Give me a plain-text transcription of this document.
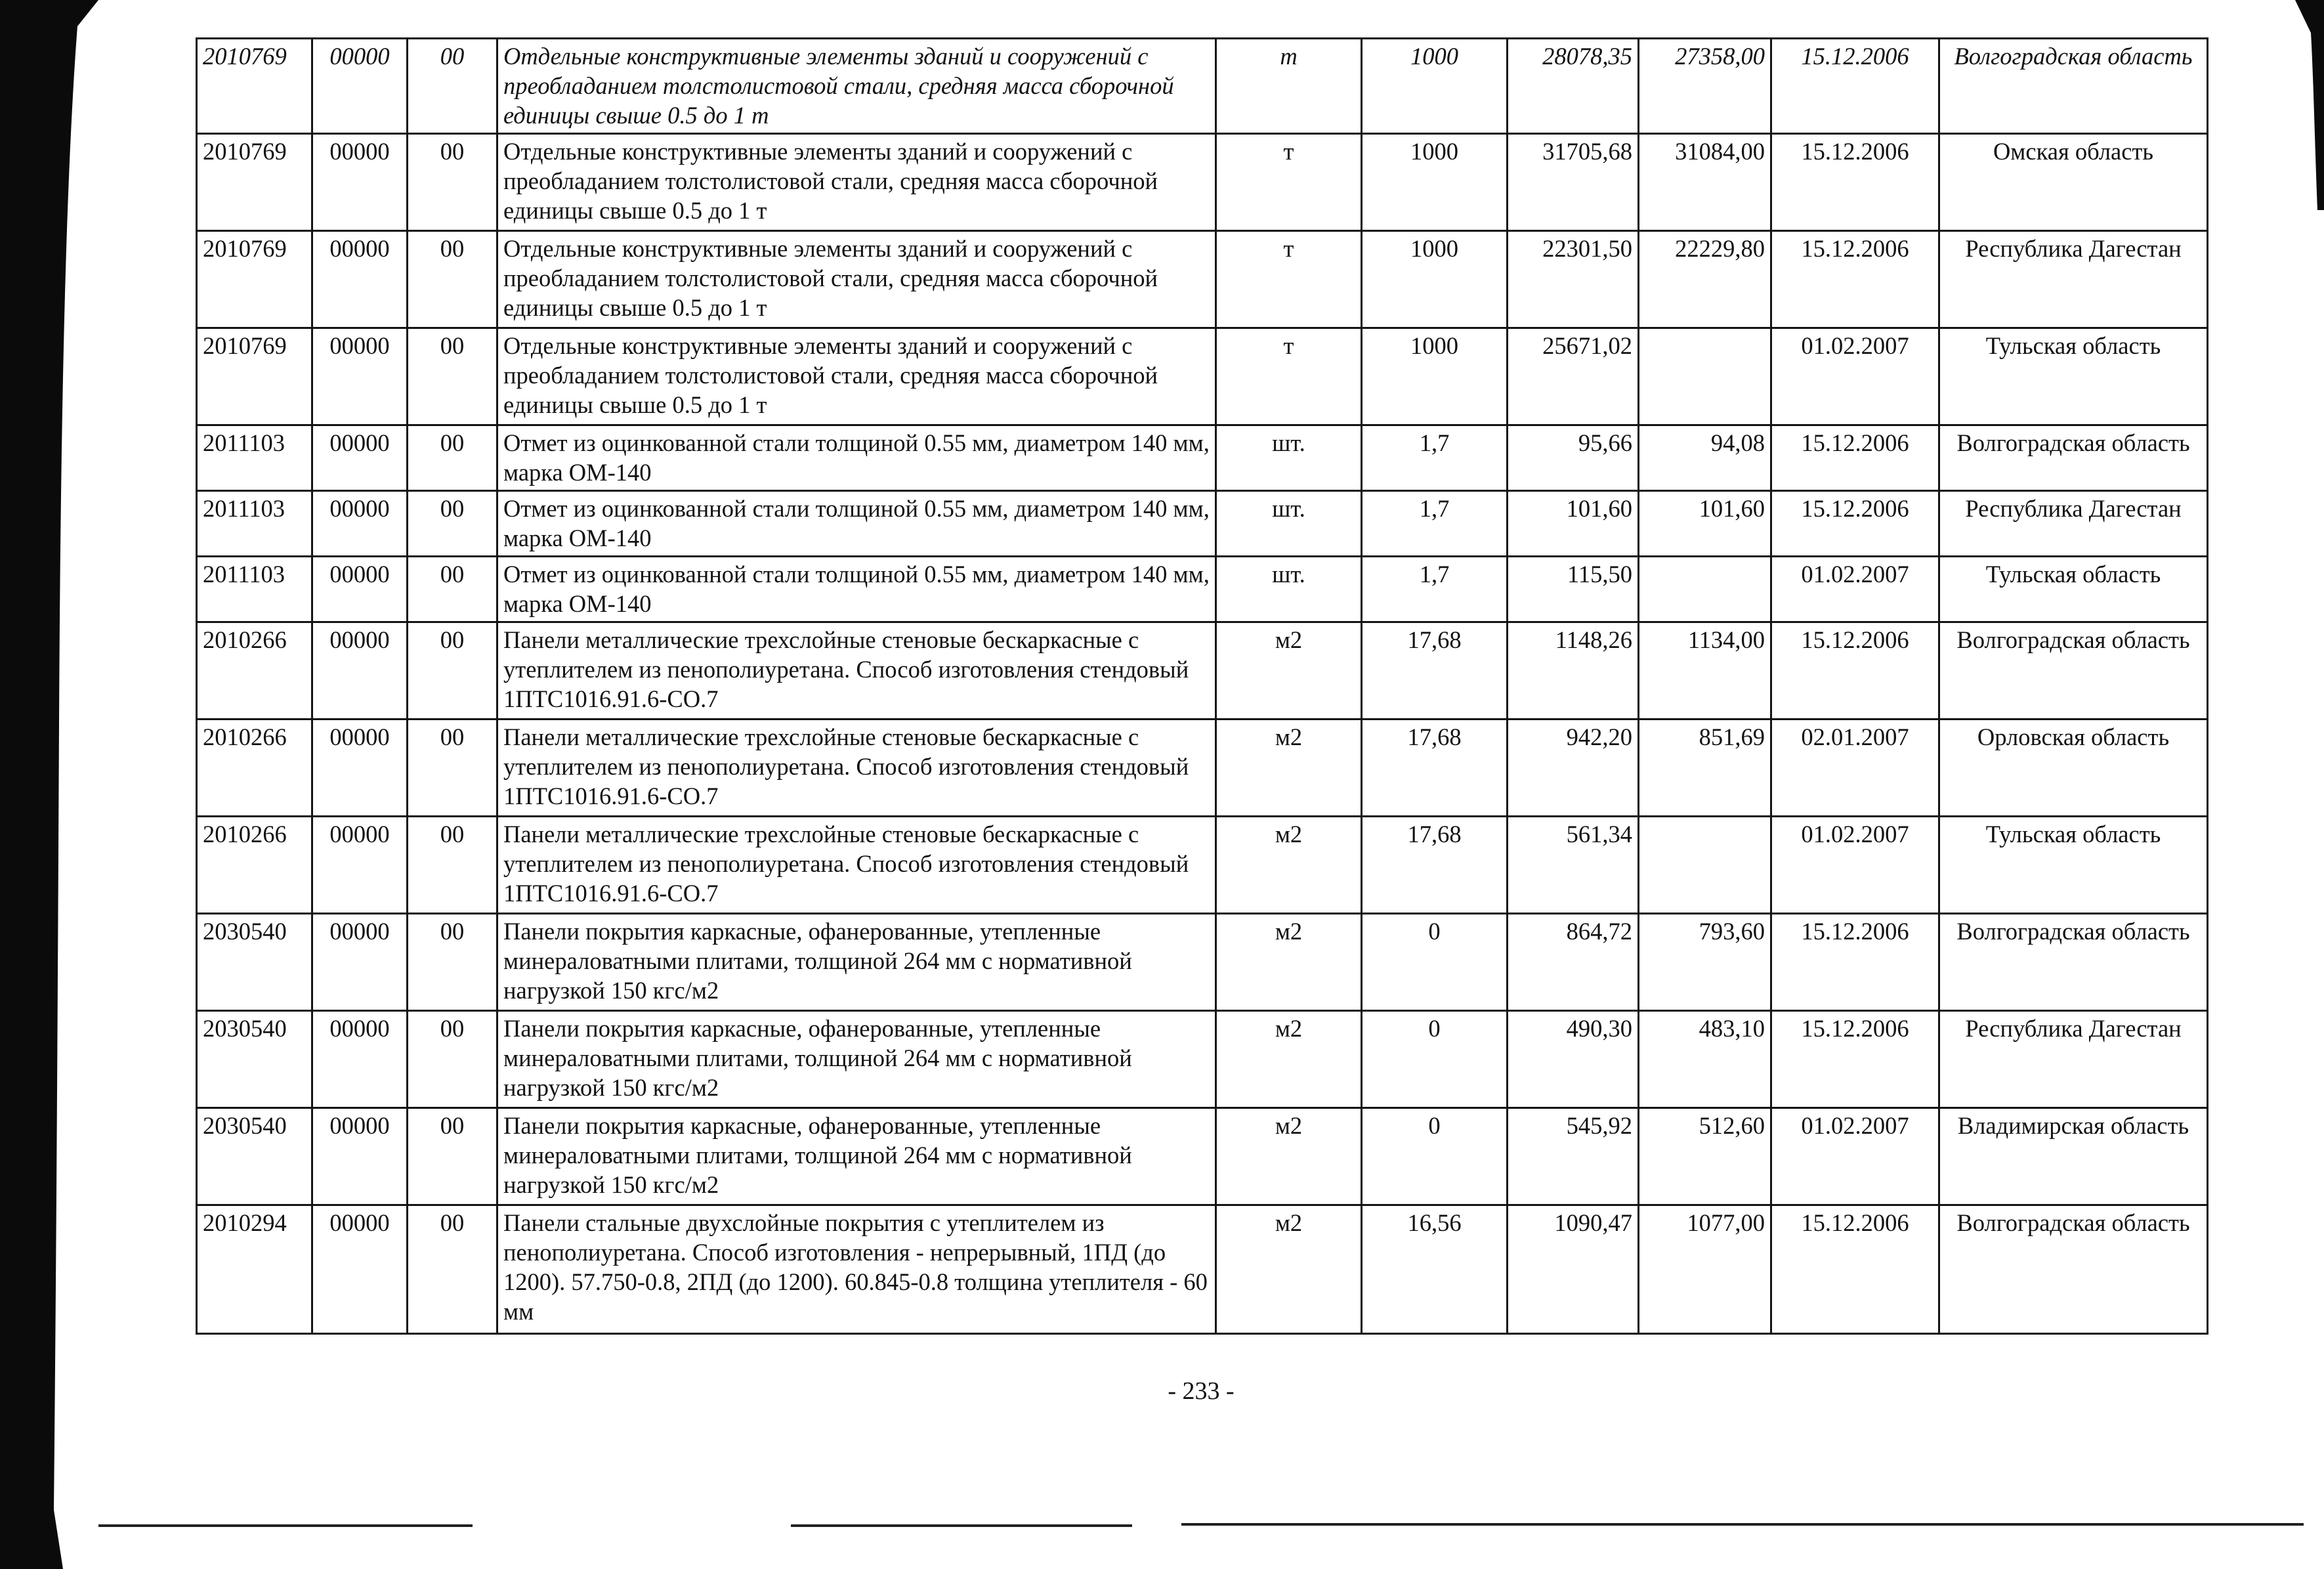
2010769	00000	00	Отдельные конструктивные элементы зданий и сооружений с преобладанием толстолистовой стали, средняя масса сборочной единицы свыше 0.5 до 1 т	т	1000	28078,35	27358,00	15.12.2006	Волгоградская область
2010769	00000	00	Отдельные конструктивные элементы зданий и сооружений с преобладанием толстолистовой стали, средняя масса сборочной единицы свыше 0.5 до 1 т	т	1000	31705,68	31084,00	15.12.2006	Омская область
2010769	00000	00	Отдельные конструктивные элементы зданий и сооружений с преобладанием толстолистовой стали, средняя масса сборочной единицы свыше 0.5 до 1 т	т	1000	22301,50	22229,80	15.12.2006	Республика Дагестан
2010769	00000	00	Отдельные конструктивные элементы зданий и сооружений с преобладанием толстолистовой стали, средняя масса сборочной единицы свыше 0.5 до 1 т	т	1000	25671,02		01.02.2007	Тульская область
2011103	00000	00	Отмет из оцинкованной стали толщиной 0.55 мм, диаметром 140 мм, марка ОМ-140	шт.	1,7	95,66	94,08	15.12.2006	Волгоградская область
2011103	00000	00	Отмет из оцинкованной стали толщиной 0.55 мм, диаметром 140 мм, марка ОМ-140	шт.	1,7	101,60	101,60	15.12.2006	Республика Дагестан
2011103	00000	00	Отмет из оцинкованной стали толщиной 0.55 мм, диаметром 140 мм, марка ОМ-140	шт.	1,7	115,50		01.02.2007	Тульская область
2010266	00000	00	Панели металлические трехслойные стеновые бескаркасные с утеплителем из пенополиуретана. Способ изготовления стендовый 1ПТС1016.91.6-СО.7	м2	17,68	1148,26	1134,00	15.12.2006	Волгоградская область
2010266	00000	00	Панели металлические трехслойные стеновые бескаркасные с утеплителем из пенополиуретана. Способ изготовления стендовый 1ПТС1016.91.6-СО.7	м2	17,68	942,20	851,69	02.01.2007	Орловская область
2010266	00000	00	Панели металлические трехслойные стеновые бескаркасные с утеплителем из пенополиуретана. Способ изготовления стендовый 1ПТС1016.91.6-СО.7	м2	17,68	561,34		01.02.2007	Тульская область
2030540	00000	00	Панели покрытия каркасные, офанерованные, утепленные минераловатными плитами, толщиной 264 мм с нормативной нагрузкой 150 кгс/м2	м2	0	864,72	793,60	15.12.2006	Волгоградская область
2030540	00000	00	Панели покрытия каркасные, офанерованные, утепленные минераловатными плитами, толщиной 264 мм с нормативной нагрузкой 150 кгс/м2	м2	0	490,30	483,10	15.12.2006	Республика Дагестан
2030540	00000	00	Панели покрытия каркасные, офанерованные, утепленные минераловатными плитами, толщиной 264 мм с нормативной нагрузкой 150 кгс/м2	м2	0	545,92	512,60	01.02.2007	Владимирская область
2010294	00000	00	Панели стальные двухслойные покрытия с утеплителем из пенополиуретана. Способ изготовления - непрерывный, 1ПД (до 1200). 57.750-0.8, 2ПД (до 1200). 60.845-0.8 толщина утеплителя - 60 мм	м2	16,56	1090,47	1077,00	15.12.2006	Волгоградская область
- 233 -
